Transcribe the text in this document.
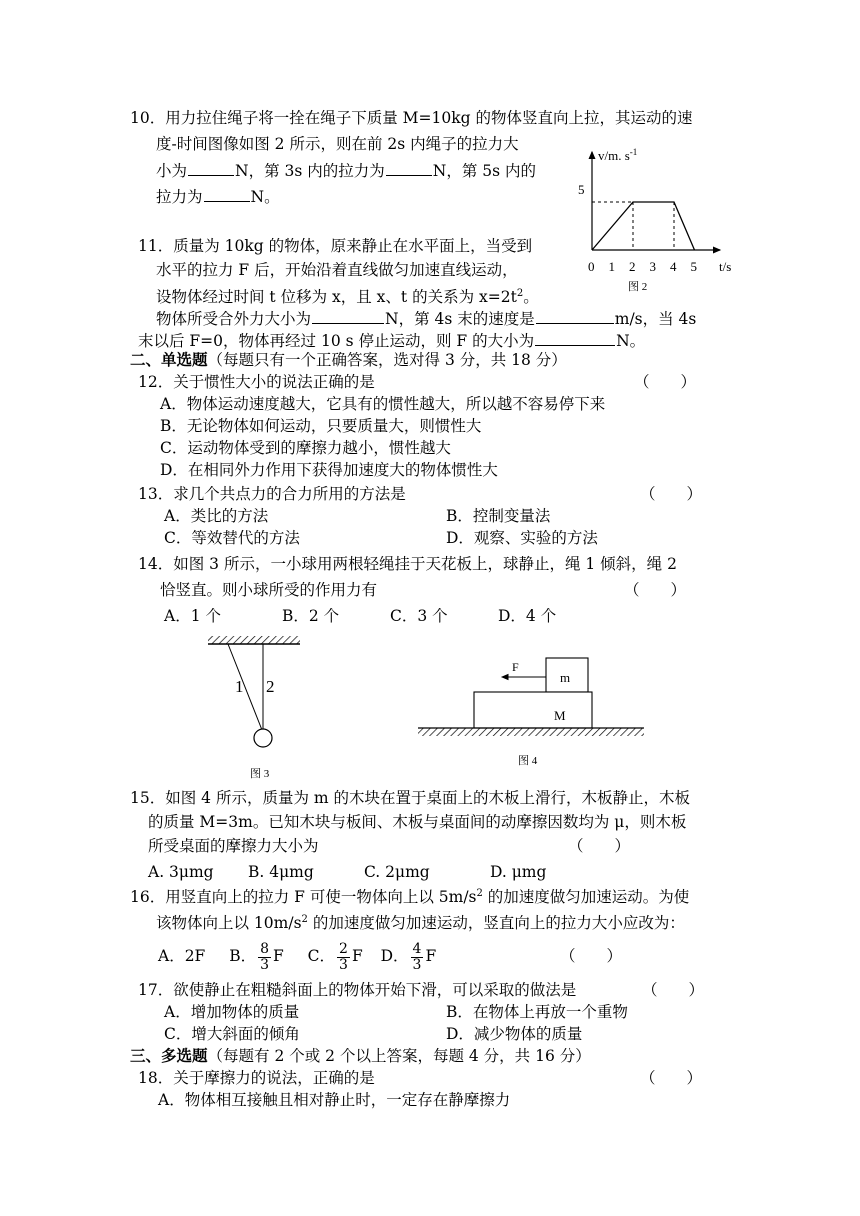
10．用力拉住绳子将一拴在绳子下质量 M=10kg 的物体竖直向上拉，其运动的速
度-时间图像如图 2 所示，则在前 2s 内绳子的拉力大
小为	N，第 3s 内的拉力为	N，第 5s 内的
拉力为	N。
0 1 2 3 4 5
v/m. $s^{-1}$
5
t/s
图 2
11．质量为 10kg 的物体，原来静止在水平面上，当受到
水平的拉力 F 后，开始沿着直线做匀加速直线运动，
设物体经过时间 t 位移为 x，且 x、t 的关系为 $x=2t^2$。
物体所受合外力大小为	N，第 4s 末的速度是	m/s，当 4s
末以后 F=0，物体再经过 10 s 停止运动，则 F 的大小为	N。
二、单选题（每题只有一个正确答案，选对得 3 分，共 18 分）
12．关于惯性大小的说法正确的是	（　　）
A．物体运动速度越大，它具有的惯性越大，所以越不容易停下来
B．无论物体如何运动，只要质量大，则惯性大
C．运动物体受到的摩擦力越小，惯性越大
D．在相同外力作用下获得加速度大的物体惯性大
13．求几个共点力的合力所用的方法是	（　　）
A．类比的方法	B．控制变量法
C．等效替代的方法	D．观察、实验的方法
14．如图 3 所示，一小球用两根轻绳挂于天花板上，球静止，绳 1 倾斜，绳 2
恰竖直。则小球所受的作用力有	（　　）
A．1 个	B．2 个	C．3 个	D．4 个
1 2
图 3
F
m
M
图 4
15．如图 4 所示，质量为 m 的木块在置于桌面上的木板上滑行，木板静止，木板
的质量 M=3m。已知木块与板间、木板与桌面间的动摩擦因数均为 μ，则木板
所受桌面的摩擦力大小为	（　　）
A. 3μmg B. 4μmg	C. 2μmg	D. μmg
16．用竖直向上的拉力 F 可使一物体向上以 $5m/s^2$ 的加速度做匀加速运动。为使
该物体向上以 $10m/s^2$ 的加速度做匀加速运动，竖直向上的拉力大小应改为：
A．2F B． $\frac{8}{3}$ F C． $\frac{2}{3}$ F D． $\frac{4}{3}$ F	（　　）
17．欲使静止在粗糙斜面上的物体开始下滑，可以采取的做法是	（　　）
A．增加物体的质量	B．在物体上再放一个重物
C．增大斜面的倾角	D．减少物体的质量
三、多选题（每题有 2 个或 2 个以上答案，每题 4 分，共 16 分）
18．关于摩擦力的说法，正确的是	（　　）
A．物体相互接触且相对静止时，一定存在静摩擦力
